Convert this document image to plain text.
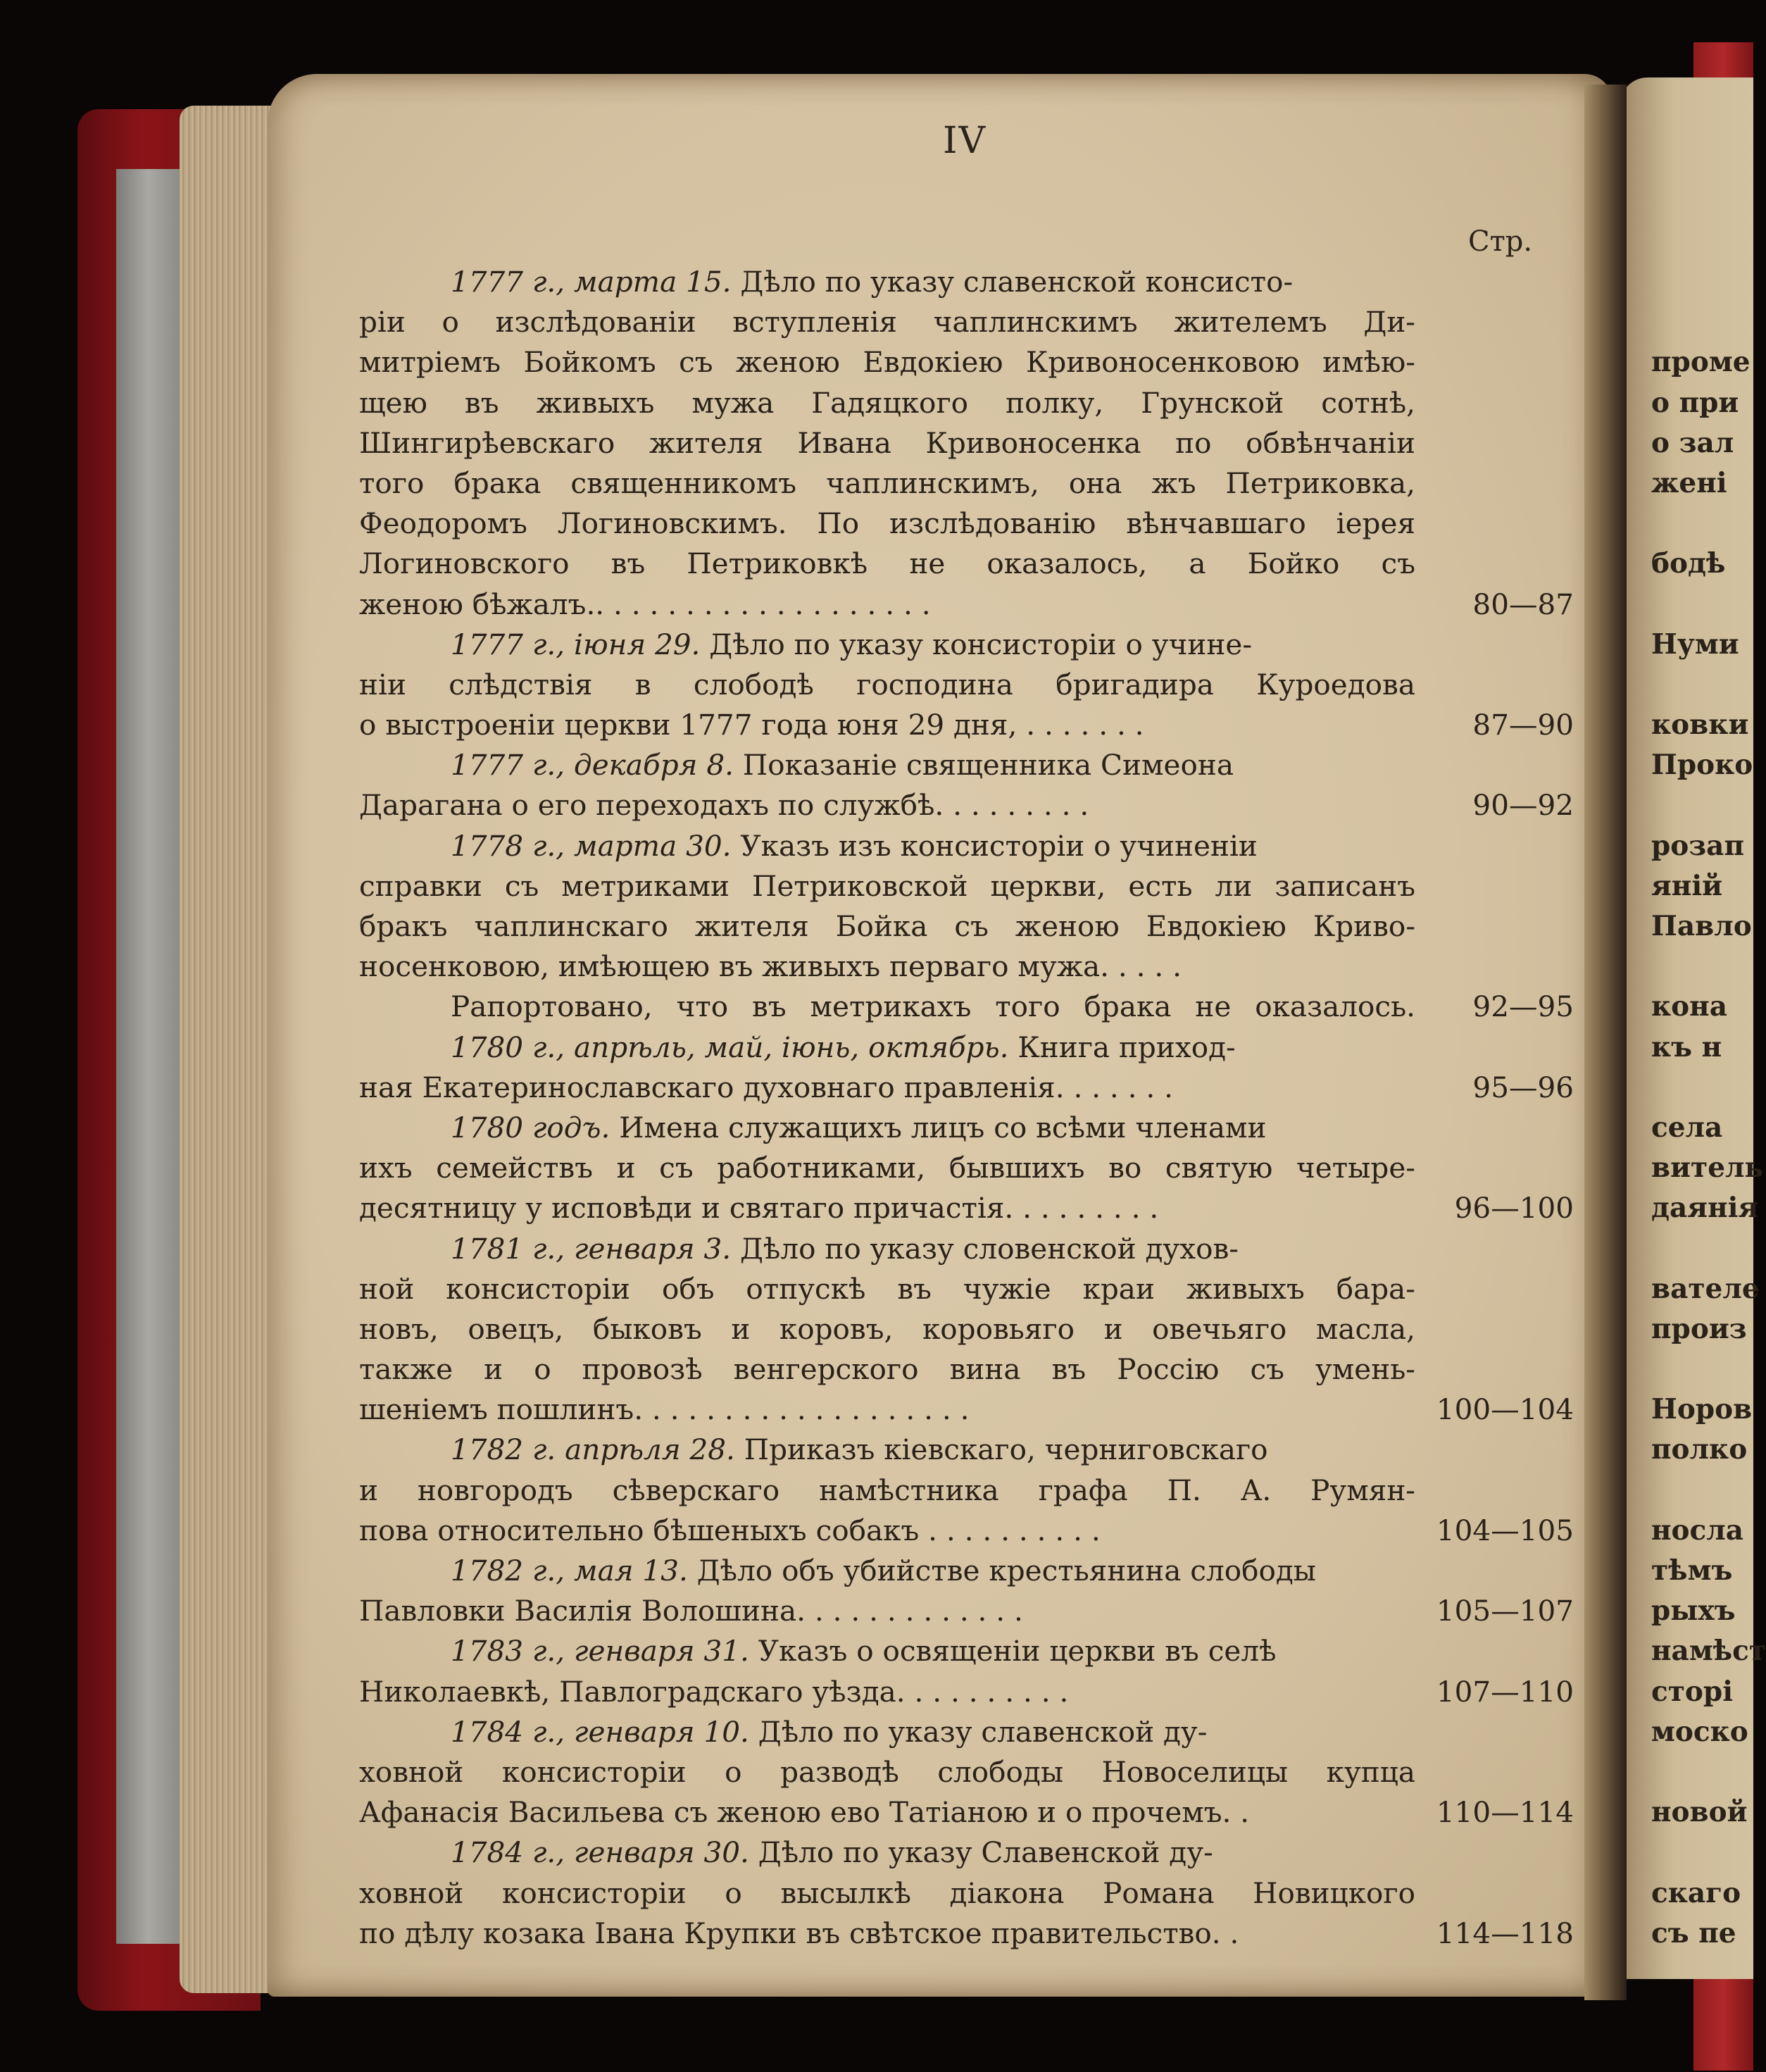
проме
о при
о зал
жені
бодѣ
Нуми
ковки
Проко
розап
яній
Павло
кона
къ н
села
витель
даянія
вателе
произ
Норов
полко
носла
тѣмъ
рыхъ
намѣст
сторі
моско
новой
скаго
съ пе
IV
Стр.
1777 г., марта 15. Дѣло по указу славенской консисто-
ріи о изслѣдованіи вступленія чаплинскимъ жителемъ Ди-
митріемъ Бойкомъ съ женою Евдокіею Кривоносенковою имѣю-
щею въ живыхъ мужа Гадяцкого полку, Грунской сотнѣ,
Шингирѣевскаго жителя Ивана Кривоносенка по обвѣнчаніи
того брака священникомъ чаплинскимъ, она жъ Петриковка,
Феодоромъ Логиновскимъ. По изслѣдованію вѣнчавшаго iерея
Логиновского въ Петриковкѣ не оказалось, а Бойко съ
женою бѣжалъ.. . . . . . . . . . . . . . . . . . .	80—87
1777 г., іюня 29. Дѣло по указу консисторіи о учине-
ніи слѣдствія в слободѣ господина бригадира Куроедова
о выстроеніи церкви 1777 года юня 29 дня, . . . . . . .	87—90
1777 г., декабря 8. Показаніе священника Симеона
Дарагана о его переходахъ по службѣ. . . . . . . . .	90—92
1778 г., марта 30. Указъ изъ консисторіи о учиненіи
справки съ метриками Петриковской церкви, есть ли записанъ
бракъ чаплинскаго жителя Бойка съ женою Евдокіею Криво-
носенковою, имѣющею въ живыхъ перваго мужа. . . . .
Рапортовано, что въ метрикахъ того брака не оказалось.	92—95
1780 г., апрѣль, май, іюнь, октябрь. Книга приход-
ная Екатеринославскаго духовнаго правленія. . . . . . .	95—96
1780 годъ. Имена служащихъ лицъ со всѣми членами
ихъ семействъ и съ работниками, бывшихъ во святую четыре-
десятницу у исповѣди и святаго причастія. . . . . . . . .	96—100
1781 г., генваря 3. Дѣло по указу словенской духов-
ной консисторіи объ отпускѣ въ чужіе краи живыхъ бара-
новъ, овецъ, быковъ и коровъ, коровьяго и овечьяго масла,
также и о провозѣ венгерского вина въ Россію съ умень-
шеніемъ пошлинъ. . . . . . . . . . . . . . . . . . .	100—104
1782 г. апрѣля 28. Приказъ кіевскаго, черниговскаго
и новгородъ сѣверскаго намѣстника графа П. А. Румян-
пова относительно бѣшеныхъ собакъ . . . . . . . . . .	104—105
1782 г., мая 13. Дѣло объ убийстве крестьянина слободы
Павловки Василія Волошина. . . . . . . . . . . . .	105—107
1783 г., генваря 31. Указъ о освященіи церкви въ селѣ
Николаевкѣ, Павлоградскаго уѣзда. . . . . . . . . .	107—110
1784 г., генваря 10. Дѣло по указу славенской ду-
ховной консисторіи о разводѣ слободы Новоселицы купца
Афанасія Васильева съ женою ево Татіаною и о прочемъ. .	110—114
1784 г., генваря 30. Дѣло по указу Славенской ду-
ховной консисторіи о высылкѣ діакона Романа Новицкого
по дѣлу козака Івана Крупки въ свѣтское правительство. .	114—118
